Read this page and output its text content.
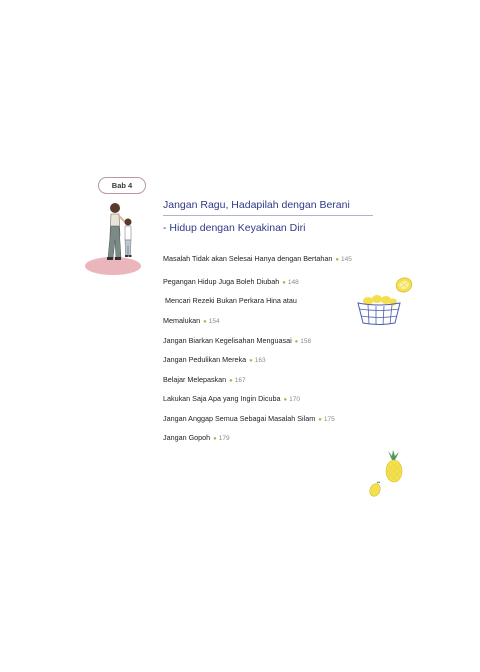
Bab 4

Jangan Ragu, Hadapilah dengan Berani

- Hidup dengan Keyakinan Diri

Masalah Tidak akan Selesai Hanya dengan Bertahan ● 145
Pegangan Hidup Juga Boleh Diubah ● 148
Mencari Rezeki Bukan Perkara Hina atau
Memalukan ● 154
Jangan Biarkan Kegelisahan Menguasai ● 158
Jangan Pedulikan Mereka ● 163
Belajar Melepaskan ● 167
Lakukan Saja Apa yang Ingin Dicuba ● 170
Jangan Anggap Semua Sebagai Masalah Silam ● 175
Jangan Gopoh ● 179
